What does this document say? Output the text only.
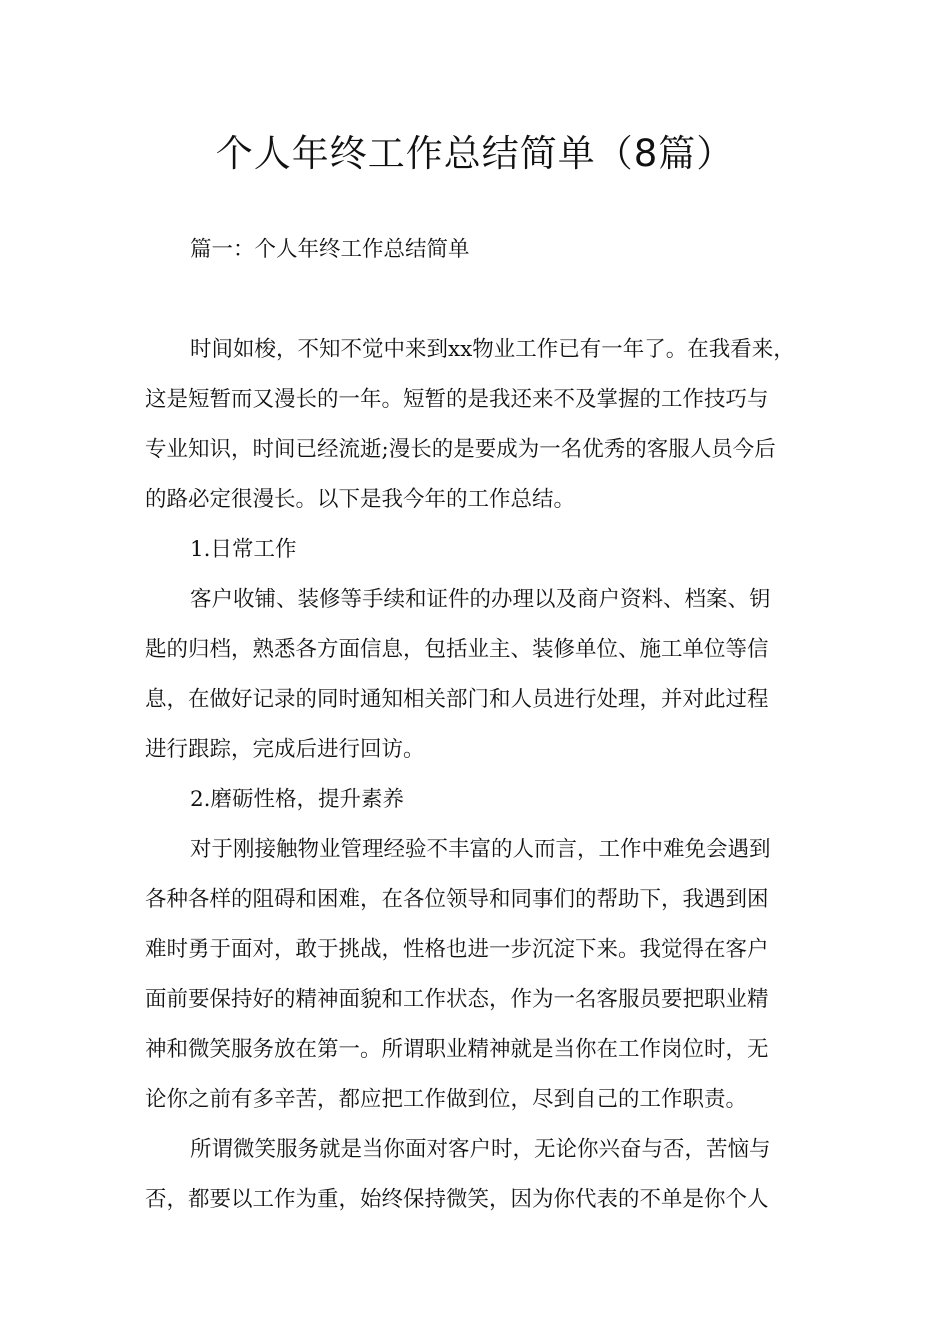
个人年终工作总结简单（8篇）
篇一：个人年终工作总结简单
时间如梭，不知不觉中来到xx物业工作已有一年了。在我看来，
这是短暂而又漫长的一年。短暂的是我还来不及掌握的工作技巧与
专业知识，时间已经流逝;漫长的是要成为一名优秀的客服人员今后
的路必定很漫长。以下是我今年的工作总结。
1.日常工作
客户收铺、装修等手续和证件的办理以及商户资料、档案、钥
匙的归档，熟悉各方面信息，包括业主、装修单位、施工单位等信
息，在做好记录的同时通知相关部门和人员进行处理，并对此过程
进行跟踪，完成后进行回访。
2.磨砺性格，提升素养
对于刚接触物业管理经验不丰富的人而言，工作中难免会遇到
各种各样的阻碍和困难，在各位领导和同事们的帮助下，我遇到困
难时勇于面对，敢于挑战，性格也进一步沉淀下来。我觉得在客户
面前要保持好的精神面貌和工作状态，作为一名客服员要把职业精
神和微笑服务放在第一。所谓职业精神就是当你在工作岗位时，无
论你之前有多辛苦，都应把工作做到位，尽到自己的工作职责。
所谓微笑服务就是当你面对客户时，无论你兴奋与否，苦恼与
否，都要以工作为重，始终保持微笑，因为你代表的不单是你个人
